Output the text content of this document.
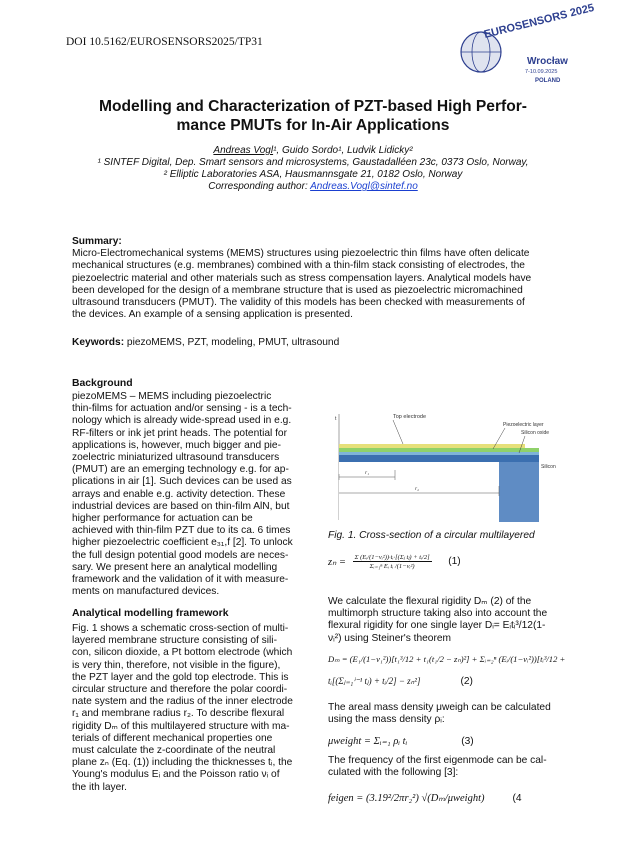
DOI 10.5162/EUROSENSORS2025/TP31
EUROSENSORS 2025
Wrocław
7-10.09.2025
POLAND
Modelling and Characterization of PZT-based High Perfor-
mance PMUTs for In-Air Applications
Andreas Vogl¹, Guido Sordo¹, Ludvik Lidicky²
¹ SINTEF Digital, Dep. Smart sensors and microsystems, Gaustadalléen 23c, 0373 Oslo, Norway,
² Elliptic Laboratories ASA, Hausmannsgate 21, 0182 Oslo, Norway
Corresponding author: Andreas.Vogl@sintef.no
Summary:
Micro-Electromechanical systems (MEMS) structures using piezoelectric thin films have often delicate
mechanical structures (e.g. membranes) combined with a thin-film stack consisting of electrodes, the
piezoelectric material and other materials such as stress compensation layers. Analytical models have
been developed for the design of a membrane structure that is used as piezoelectric micromachined
ultrasound transducers (PMUT). The validity of this models has been checked with measurements of
the devices. An example of a sensing application is presented.
Keywords: piezoMEMS, PZT, modeling, PMUT, ultrasound
Background
piezoMEMS – MEMS including piezoelectric
thin-films for actuation and/or sensing - is a tech-
nology which is already wide-spread used in e.g.
RF-filters or ink jet print heads. The potential for
applications is, however, much bigger and pie-
zoelectric miniaturized ultrasound transducers
(PMUT) are an emerging technology e.g. for ap-
plications in air [1]. Such devices can be used as
arrays and enable e.g. activity detection. These
industrial devices are based on thin-film AlN, but
higher performance for actuation can be
achieved with thin-film PZT due to its ca. 6 times
higher piezoelectric coefficient e₃₁,f [2]. To unlock
the full design potential good models are neces-
sary. We present here an analytical modelling
framework and the validation of it with measure-
ments on manufactured devices.
Analytical modelling framework
Fig. 1 shows a schematic cross-section of multi-
layered membrane structure consisting of sili-
con, silicon dioxide, a Pt bottom electrode (which
is very thin, therefore, not visible in the figure),
the PZT layer and the gold top electrode. This is
circular structure and therefore the polar coordi-
nate system and the radius of the inner electrode
r₁ and membrane radius r₂. To describe flexural
rigidity Dₘ of this multilayered structure with ma-
terials of different mechanical properties one
must calculate the z-coordinate of the neutral
plane zₙ (Eq. (1)) including the thicknesses tᵢ, the
Young's modulus Eᵢ and the Poisson ratio νᵢ of
the ith layer.
t	Top electrode
Piezoelectric layer
Silicon oxide
Silicon
r₁
r₂
Fig. 1. Cross-section of a circular multilayered
$z_n = \frac{\text{Σ (Eᵢ/(1−νᵢ²))·tᵢ·[(Σⱼ tⱼ) + tᵢ/2]}}{\text{Σᵢ₌₁ⁿ Eᵢ tᵢ /(1−νᵢ²)}} (1)$
We calculate the flexural rigidity Dₘ (2) of the
multimorph structure taking also into account the
flexural rigidity for one single layer Dᵢ= Eᵢtᵢ³/12(1-
νᵢ²) using Steiner's theorem
Dₘ = (E₁/(1−ν₁²))[t₁³/12 + t₁(t₁/2 − zₙ)²] + Σᵢ₌₂ⁿ (Eᵢ/(1−νᵢ²))[tᵢ³/12 +
tᵢ[(Σⱼ₌₁ⁱ⁻¹ tⱼ) + tᵢ/2] − zₙ²]	(2)
The areal mass density μweigh can be calculated
using the mass density ρᵢ:
μweight = Σᵢ₌₁ ρᵢ tᵢ	(3)
The frequency of the first eigenmode can be cal-
culated with the following [3]:
feigen = (3.19²/2πr₂²) √(Dₘ/μweight)	(4
